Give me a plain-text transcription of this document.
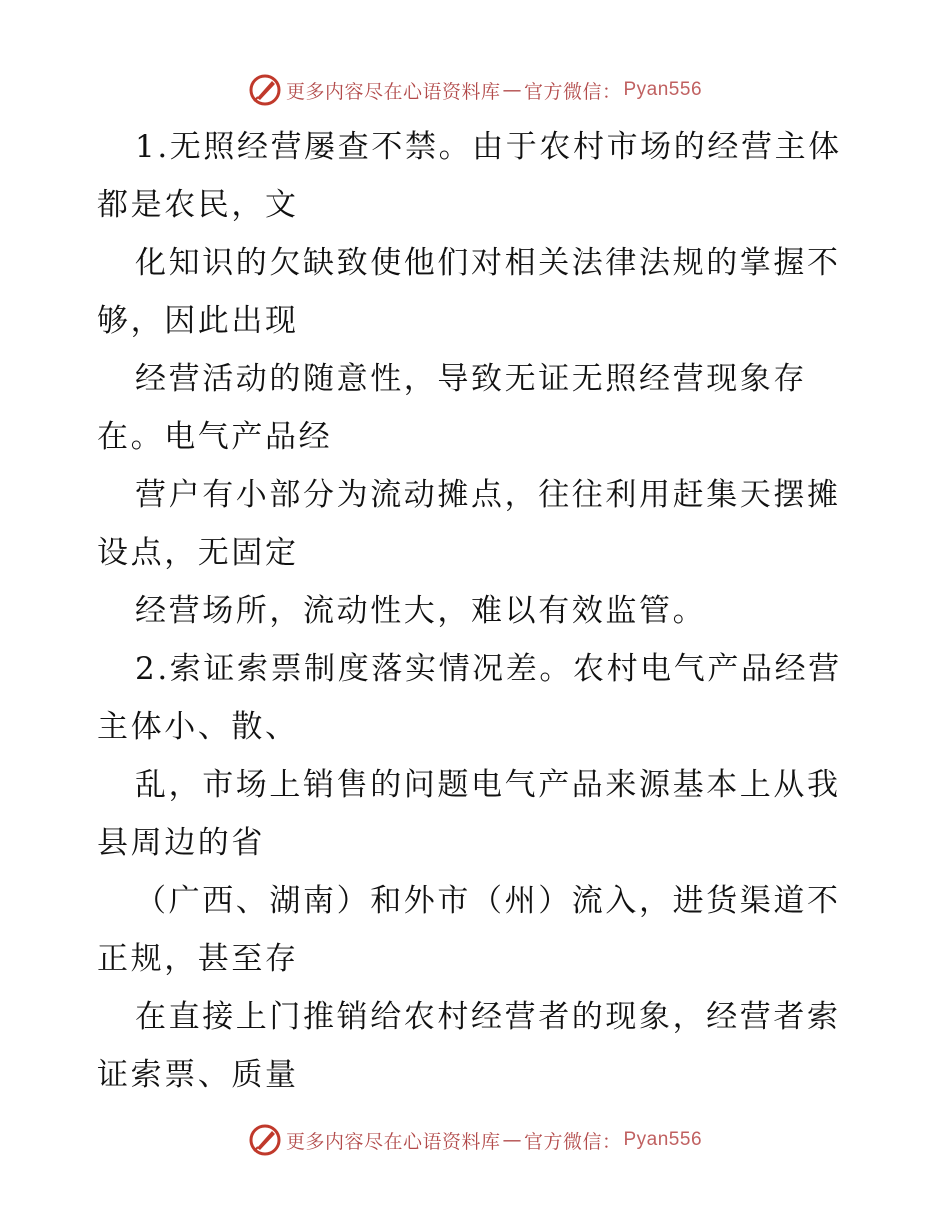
更多内容尽在心语资料库 — 官方微信： Pyan556
1.无照经营屡查不禁。由于农村市场的经营主体
都是农民，文
化知识的欠缺致使他们对相关法律法规的掌握不
够，因此出现
经营活动的随意性，导致无证无照经营现象存
在。电气产品经
营户有小部分为流动摊点，往往利用赶集天摆摊
设点，无固定
经营场所，流动性大，难以有效监管。
2.索证索票制度落实情况差。农村电气产品经营
主体小、散、
乱，市场上销售的问题电气产品来源基本上从我
县周边的省
（广西、湖南）和外市（州）流入，进货渠道不
正规，甚至存
在直接上门推销给农村经营者的现象，经营者索
证索票、质量
更多内容尽在心语资料库 — 官方微信： Pyan556
